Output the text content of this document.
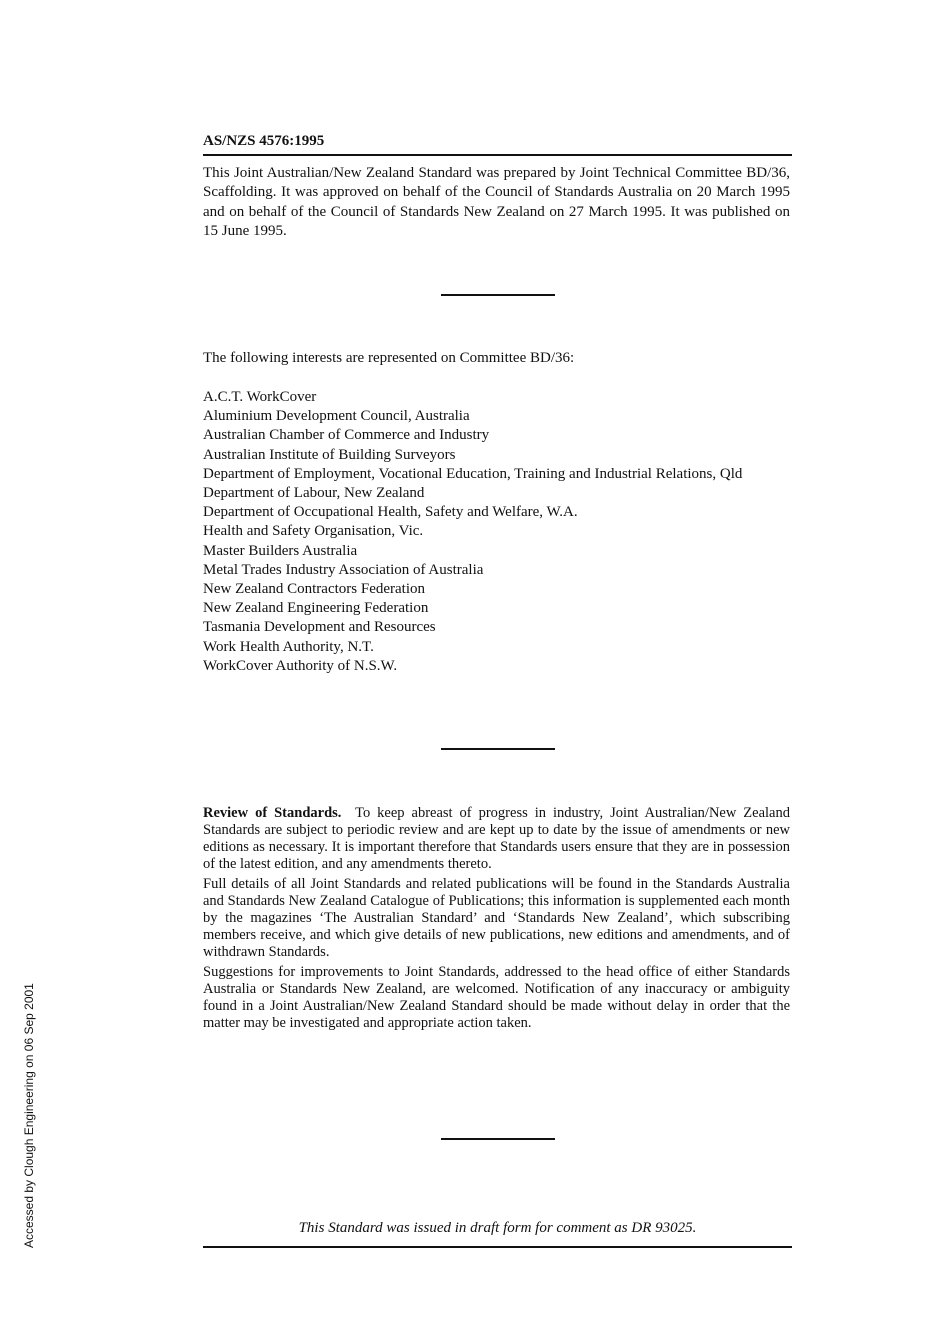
AS/NZS 4576:1995
This Joint Australian/New Zealand Standard was prepared by Joint Technical Committee BD/36, Scaffolding. It was approved on behalf of the Council of Standards Australia on 20 March 1995 and on behalf of the Council of Standards New Zealand on 27 March 1995. It was published on 15 June 1995.
The following interests are represented on Committee BD/36:
A.C.T. WorkCover
Aluminium Development Council, Australia
Australian Chamber of Commerce and Industry
Australian Institute of Building Surveyors
Department of Employment, Vocational Education, Training and Industrial Relations, Qld
Department of Labour, New Zealand
Department of Occupational Health, Safety and Welfare, W.A.
Health and Safety Organisation, Vic.
Master Builders Australia
Metal Trades Industry Association of Australia
New Zealand Contractors Federation
New Zealand Engineering Federation
Tasmania Development and Resources
Work Health Authority, N.T.
WorkCover Authority of N.S.W.

Review of Standards. To keep abreast of progress in industry, Joint Australian/New Zealand Standards are subject to periodic review and are kept up to date by the issue of amendments or new editions as necessary. It is important therefore that Standards users ensure that they are in possession of the latest edition, and any amendments thereto.

Full details of all Joint Standards and related publications will be found in the Standards Australia and Standards New Zealand Catalogue of Publications; this information is supplemented each month by the magazines ‘The Australian Standard’ and ‘Standards New Zealand’, which subscribing members receive, and which give details of new publications, new editions and amendments, and of withdrawn Standards.

Suggestions for improvements to Joint Standards, addressed to the head office of either Standards Australia or Standards New Zealand, are welcomed. Notification of any inaccuracy or ambiguity found in a Joint Australian/New Zealand Standard should be made without delay in order that the matter may be investigated and appropriate action taken.

This Standard was issued in draft form for comment as DR 93025.
Accessed by Clough Engineering on 06 Sep 2001
